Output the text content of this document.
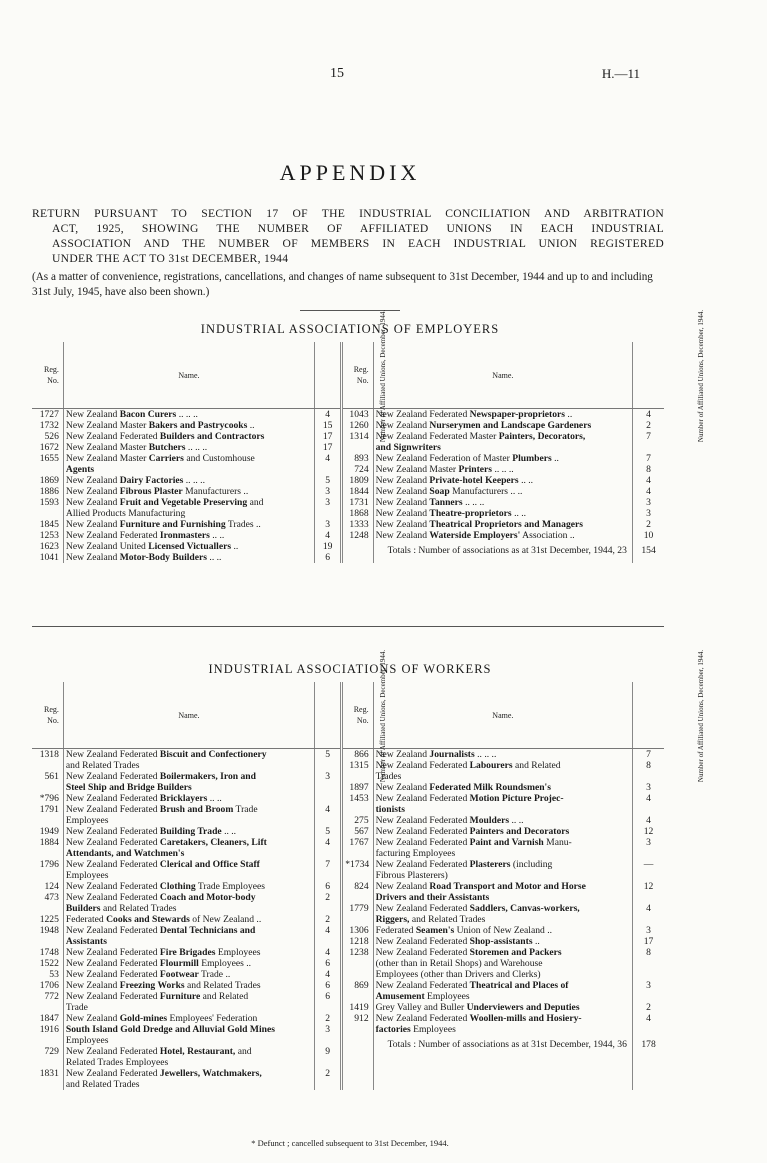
15	H.—11
APPENDIX
RETURN PURSUANT TO SECTION 17 OF THE INDUSTRIAL CONCILIATION AND ARBITRATION
ACT, 1925, SHOWING THE NUMBER OF AFFILIATED UNIONS IN EACH INDUSTRIAL
ASSOCIATION AND THE NUMBER OF MEMBERS IN EACH INDUSTRIAL UNION REGISTERED
UNDER THE ACT TO 31st DECEMBER, 1944
(As a matter of convenience, registrations, cancellations, and changes of name subsequent to 31st December, 1944 and up to and including 31st July, 1945, have also been shown.)
INDUSTRIAL ASSOCIATIONS OF EMPLOYERS
Reg. No.	Name.	Number of Affiliated Unions, December, 1944.	Reg. No.	Name.	Number of Affiliated Unions, December, 1944.
1727	New Zealand Bacon Curers .. .. ..	4	1043	New Zealand Federated Newspaper-proprietors ..	4
1732	New Zealand Master Bakers and Pastrycooks ..	15	1260	New Zealand Nurserymen and Landscape Gardeners	2
526	New Zealand Federated Builders and Contractors	17	1314	New Zealand Federated Master Painters, Decorators,	7
1672	New Zealand Master Butchers .. .. ..	17		and Signwriters	
1655	New Zealand Master Carriers and Customhouse	4	893	New Zealand Federation of Master Plumbers ..	7
	Agents		724	New Zealand Master Printers .. .. ..	8
1869	New Zealand Dairy Factories .. .. ..	5	1809	New Zealand Private-hotel Keepers .. ..	4
1886	New Zealand Fibrous Plaster Manufacturers ..	3	1844	New Zealand Soap Manufacturers .. ..	4
1593	New Zealand Fruit and Vegetable Preserving and	3	1731	New Zealand Tanners .. .. ..	3
	Allied Products Manufacturing		1868	New Zealand Theatre-proprietors .. ..	3
1845	New Zealand Furniture and Furnishing Trades ..	3	1333	New Zealand Theatrical Proprietors and Managers	2
1253	New Zealand Federated Ironmasters .. ..	4	1248	New Zealand Waterside Employers' Association ..	10
1623	New Zealand United Licensed Victuallers ..	19		Totals : Number of associations as at 31st December, 1944, 23	154
1041	New Zealand Motor-Body Builders .. ..	6			
INDUSTRIAL ASSOCIATIONS OF WORKERS
Reg. No.	Name.	Number of Affiliated Unions, December, 1944.	Reg. No.	Name.	Number of Affiliated Unions, December, 1944.
1318	New Zealand Federated Biscuit and Confectionery	5	866	New Zealand Journalists .. .. ..	7
	and Related Trades		1315	New Zealand Federated Labourers and Related	8
561	New Zealand Federated Boilermakers, Iron and	3		Trades	
	Steel Ship and Bridge Builders		1897	New Zealand Federated Milk Roundsmen's	3
*796	New Zealand Federated Bricklayers .. ..		1453	New Zealand Federated Motion Picture Projec-	4
1791	New Zealand Federated Brush and Broom Trade	4		tionists	
	Employees		275	New Zealand Federated Moulders .. ..	4
1949	New Zealand Federated Building Trade .. ..	5	567	New Zealand Federated Painters and Decorators	12
1884	New Zealand Federated Caretakers, Cleaners, Lift	4	1767	New Zealand Federated Paint and Varnish Manu-	3
	Attendants, and Watchmen's			facturing Employees	
1796	New Zealand Federated Clerical and Office Staff	7	*1734	New Zealand Federated Plasterers (including	—
	Employees			Fibrous Plasterers)	
124	New Zealand Federated Clothing Trade Employees	6	824	New Zealand Road Transport and Motor and Horse	12
473	New Zealand Federated Coach and Motor-body	2		Drivers and their Assistants	
	Builders and Related Trades		1779	New Zealand Federated Saddlers, Canvas-workers,	4
1225	Federated Cooks and Stewards of New Zealand ..	2		Riggers, and Related Trades	
1948	New Zealand Federated Dental Technicians and	4	1306	Federated Seamen's Union of New Zealand ..	3
	Assistants		1218	New Zealand Federated Shop-assistants ..	17
1748	New Zealand Federated Fire Brigades Employees	4	1238	New Zealand Federated Storemen and Packers	8
1522	New Zealand Federated Flourmill Employees ..	6		(other than in Retail Shops) and Warehouse	
53	New Zealand Federated Footwear Trade ..	4		Employees (other than Drivers and Clerks)	
1706	New Zealand Freezing Works and Related Trades	6	869	New Zealand Federated Theatrical and Places of	3
772	New Zealand Federated Furniture and Related	6		Amusement Employees	
	Trade		1419	Grey Valley and Buller Underviewers and Deputies	2
1847	New Zealand Gold-mines Employees' Federation	2	912	New Zealand Federated Woollen-mills and Hosiery-	4
1916	South Island Gold Dredge and Alluvial Gold Mines	3		factories Employees	
	Employees			Totals : Number of associations as at 31st December, 1944, 36	178
729	New Zealand Federated Hotel, Restaurant, and	9			
	Related Trades Employees				
1831	New Zealand Federated Jewellers, Watchmakers,	2			
	and Related Trades				
* Defunct ; cancelled subsequent to 31st December, 1944.
